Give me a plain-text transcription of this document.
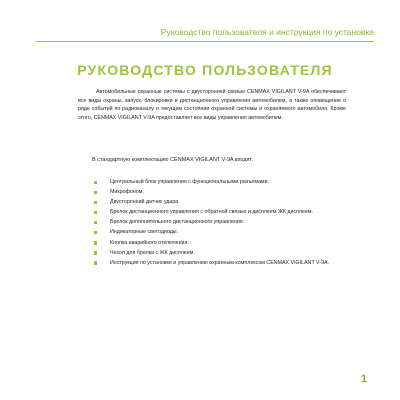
Руководство пользователя и инструкция по установке
РУКОВОДСТВО ПОЛЬЗОВАТЕЛЯ

Автомобильные охранные системы с двусторонней связью CENMAX VIGILANT V-9A обеспечивают все виды охраны, запуск, блокировки и дистанционного управления автомобилем, а также оповещение о ряде событий по радиоканалу о текущем состоянии охранной системы и охраняемого автомобиля. Кроме этого, CENMAX VIGILANT V-9A предоставляет все виды управления автомобилем.

В стандартную комплектацию CENMAX VIGILANT V-9A входят:

Центральный блок управления с функциональными разъемами.
Микрофоном.
Двусторонний датчик удара.
Брелок дистанционного управления с обратной связью и дисплеем ЖК дисплеем.
Брелок дополнительного дистанционного управления.
Индикаторные светодиоды.
Кнопка аварийного отключения.
Чехол для брелка с ЖК дисплеем.
Инструкция по установке и управлению охранным комплексом CENMAX VIGILANT V-9A.
1
